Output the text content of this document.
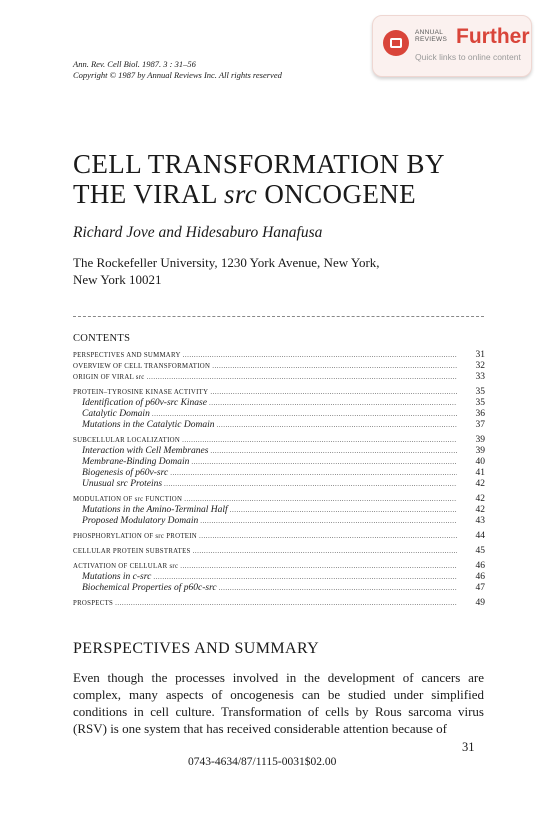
ANNUAL REVIEWS Further
Quick links to online content
Ann. Rev. Cell Biol. 1987. 3 : 31–56
Copyright © 1987 by Annual Reviews Inc. All rights reserved
CELL TRANSFORMATION BY
THE VIRAL src ONCOGENE
Richard Jove and Hidesaburo Hanafusa
The Rockefeller University, 1230 York Avenue, New York,
New York 10021
CONTENTS
PERSPECTIVES AND SUMMARY .....	31
OVERVIEW OF CELL TRANSFORMATION .....	32
ORIGIN OF VIRAL src .....	33
PROTEIN–TYROSINE KINASE ACTIVITY .....	35
Identification of p60v-src Kinase .....	35
Catalytic Domain .....	36
Mutations in the Catalytic Domain .....	37
SUBCELLULAR LOCALIZATION .....	39
Interaction with Cell Membranes .....	39
Membrane-Binding Domain .....	40
Biogenesis of p60v-src .....	41
Unusual src Proteins .....	42
MODULATION OF src FUNCTION .....	42
Mutations in the Amino-Terminal Half .....	42
Proposed Modulatory Domain .....	43
PHOSPHORYLATION OF src PROTEIN .....	44
CELLULAR PROTEIN SUBSTRATES .....	45
ACTIVATION OF CELLULAR src .....	46
Mutations in c-src .....	46
Biochemical Properties of p60c-src .....	47
PROSPECTS .....	49
PERSPECTIVES AND SUMMARY

Even though the processes involved in the development of cancers are complex, many aspects of oncogenesis can be studied under simplified conditions in cell culture. Transformation of cells by Rous sarcoma virus (RSV) is one system that has received considerable attention because of

31
0743-4634/87/1115-0031$02.00
